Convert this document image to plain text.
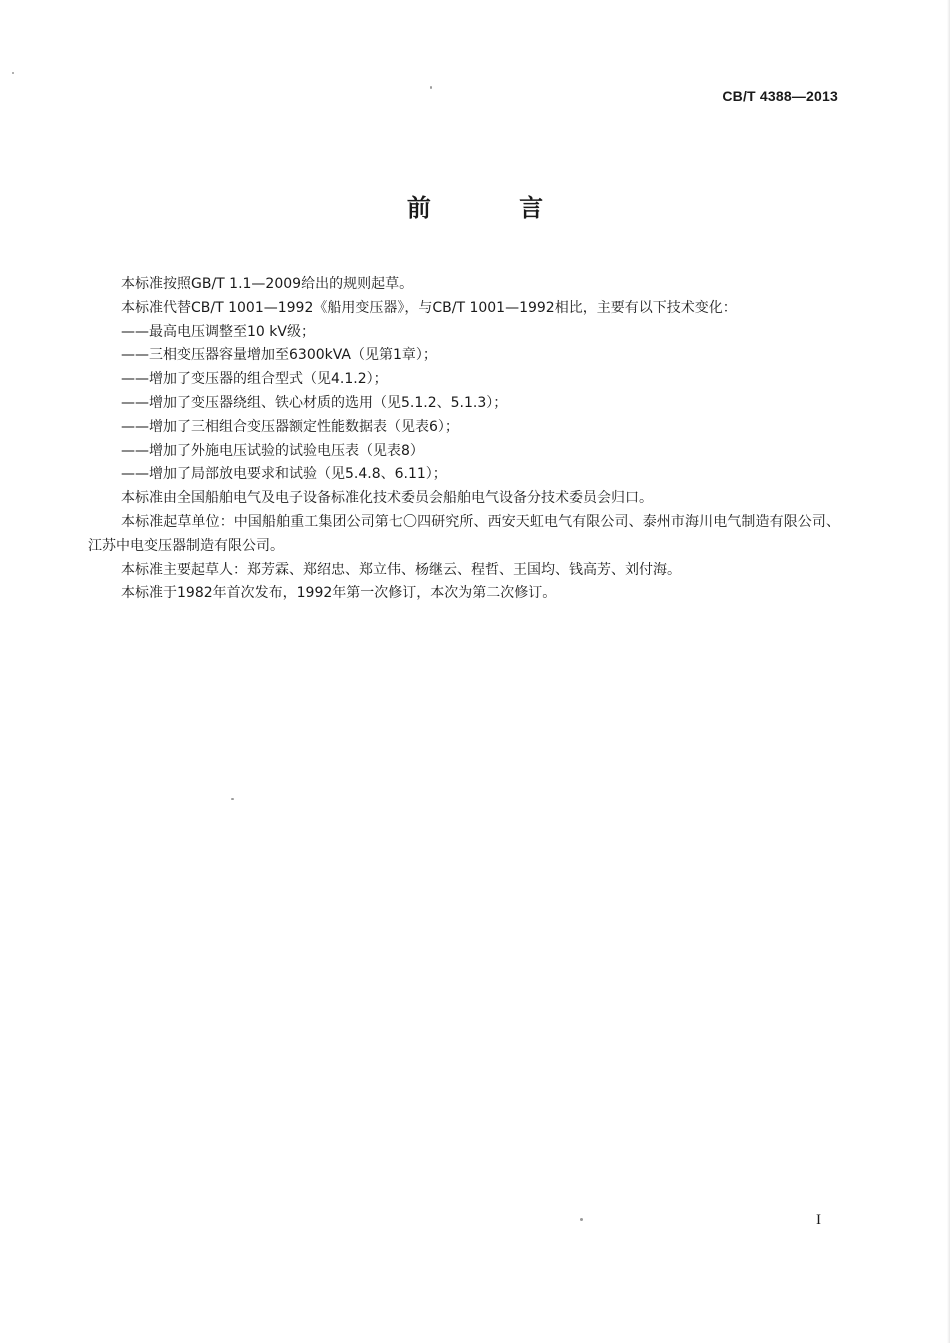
CB/T 4388—2013
前 言

本标准按照GB/T 1.1—2009给出的规则起草。

本标准代替CB/T 1001—1992《船用变压器》，与CB/T 1001—1992相比，主要有以下技术变化：

——最高电压调整至10 kV级；

——三相变压器容量增加至6300kVA（见第1章）；

——增加了变压器的组合型式（见4.1.2）；

——增加了变压器绕组、铁心材质的选用（见5.1.2、5.1.3）；

——增加了三相组合变压器额定性能数据表（见表6）；

——增加了外施电压试验的试验电压表（见表8）

——增加了局部放电要求和试验（见5.4.8、6.11）；

本标准由全国船舶电气及电子设备标准化技术委员会船舶电气设备分技术委员会归口。

本标准起草单位：中国船舶重工集团公司第七〇四研究所、西安天虹电气有限公司、泰州市海川电气制造有限公司、江苏中电变压器制造有限公司。

本标准主要起草人：郑芳霖、郑绍忠、郑立伟、杨继云、程哲、王国均、钱高芳、刘付海。

本标准于1982年首次发布，1992年第一次修订，本次为第二次修订。

I
